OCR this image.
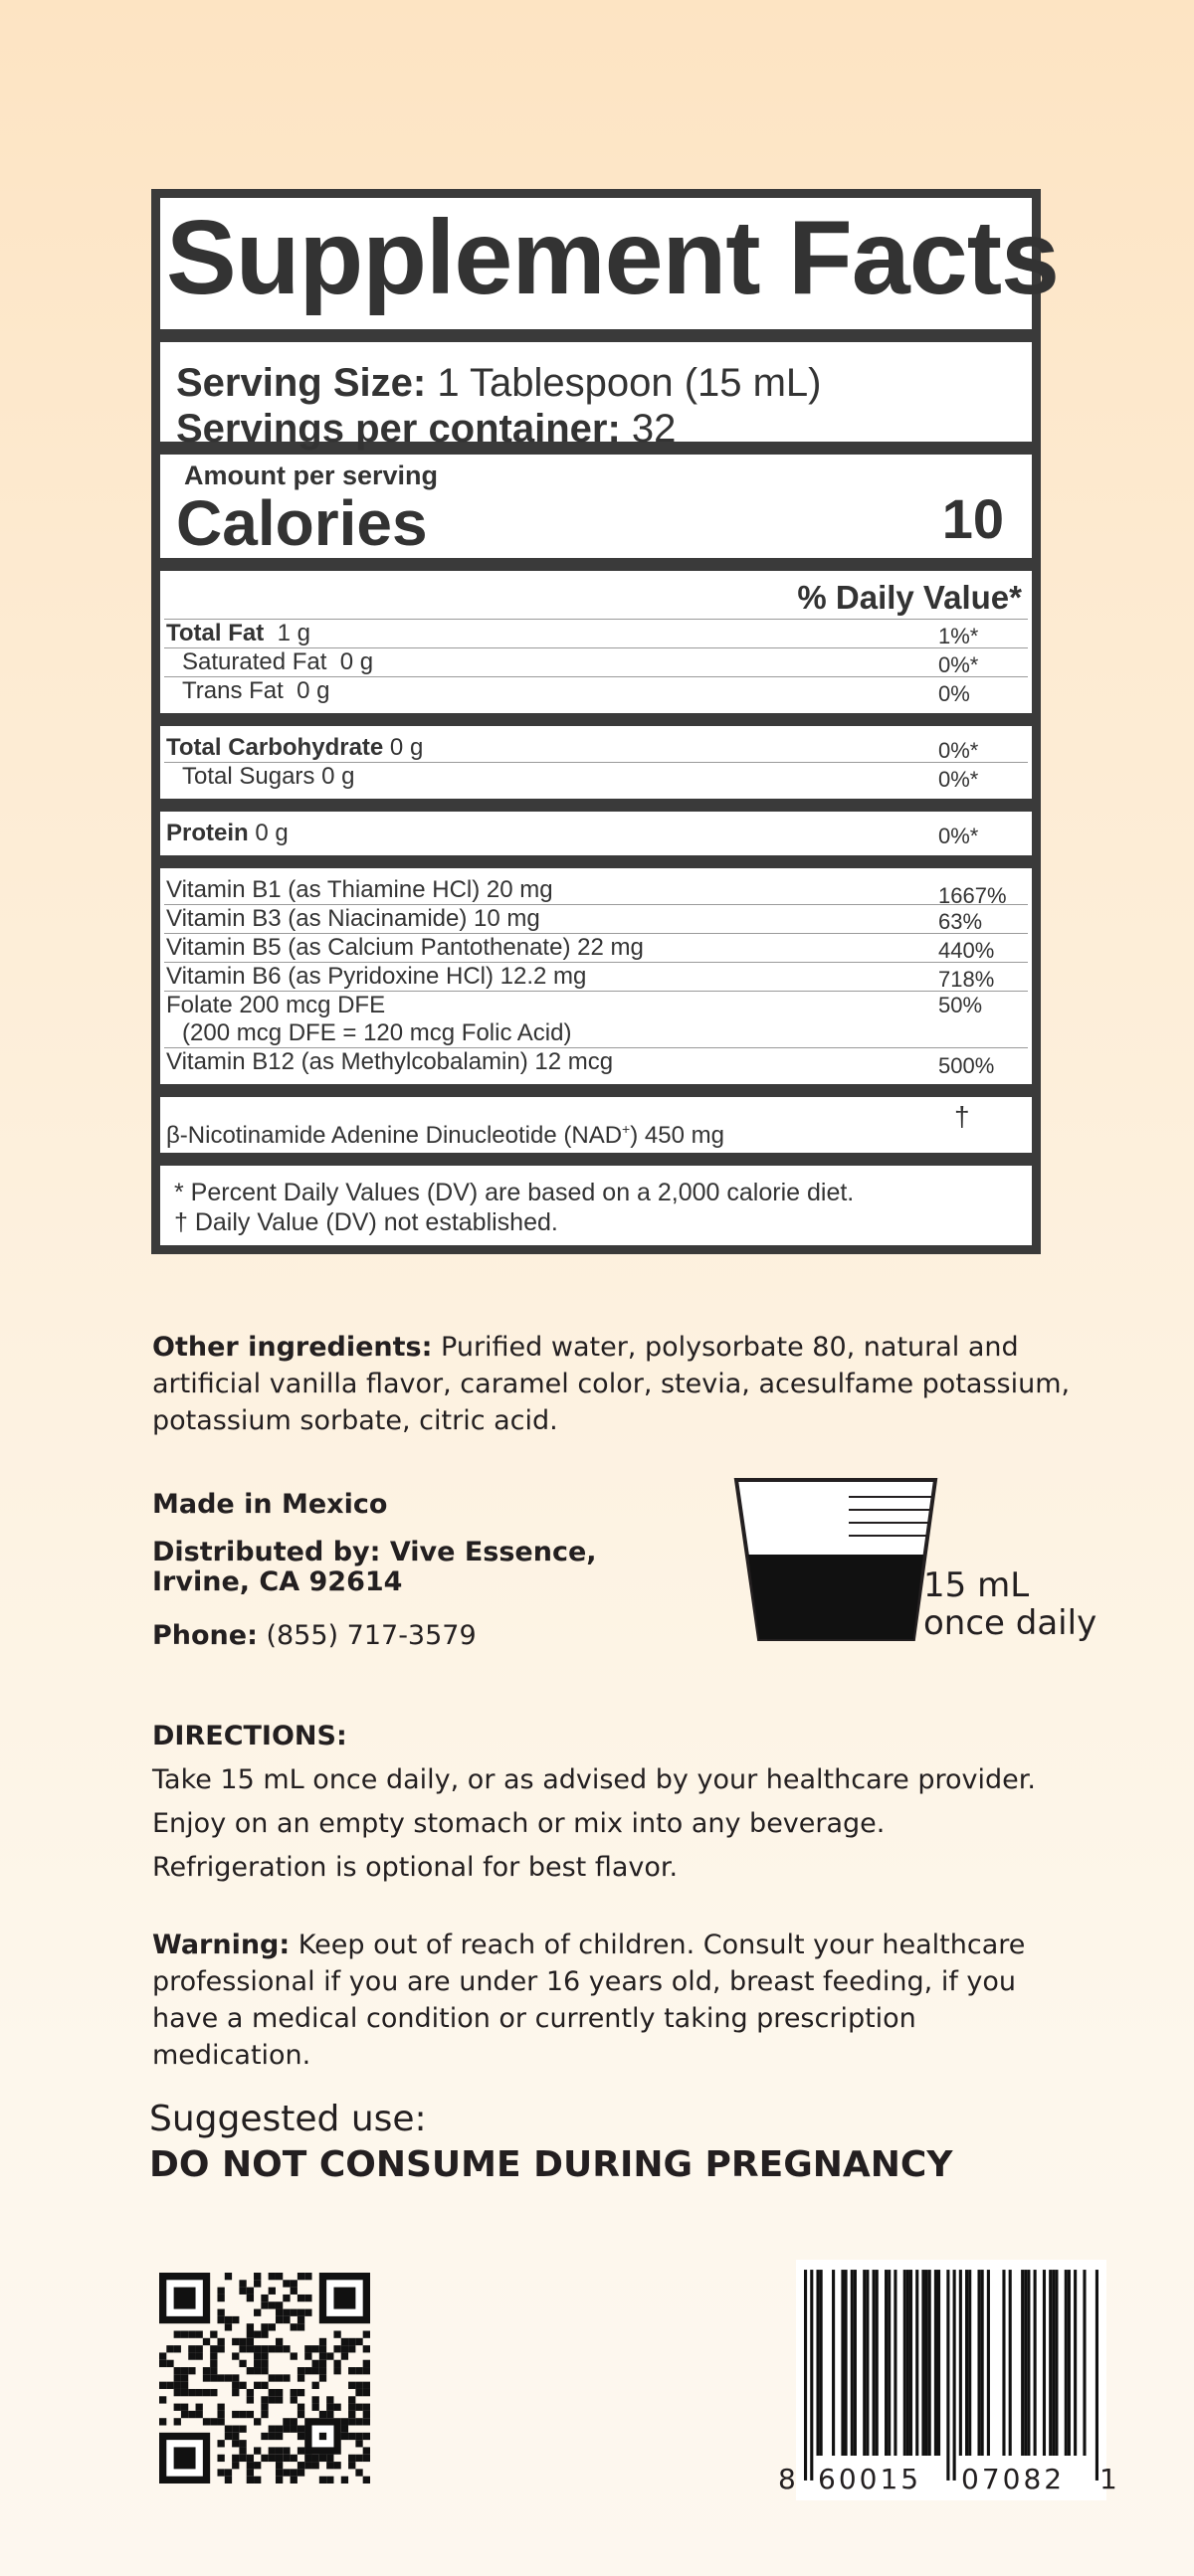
Supplement Facts
Serving Size: 1 Tablespoon (15 mL)
Servings per container: 32
Amount per serving
Calories	10
% Daily Value*
Total Fat 1 g	1%*
Saturated Fat 0 g	0%*
Trans Fat 0 g	0%
Total Carbohydrate 0 g	0%*
Total Sugars 0 g	0%*
Protein 0 g	0%*
Vitamin B1 (as Thiamine HCl) 20 mg	1667%
Vitamin B3 (as Niacinamide) 10 mg	63%
Vitamin B5 (as Calcium Pantothenate) 22 mg	440%
Vitamin B6 (as Pyridoxine HCl) 12.2 mg	718%
Folate 200 mcg DFE	50%
(200 mcg DFE = 120 mcg Folic Acid)
Vitamin B12 (as Methylcobalamin) 12 mcg	500%
β-Nicotinamide Adenine Dinucleotide (NAD+) 450 mg
†
* Percent Daily Values (DV) are based on a 2,000 calorie diet.
† Daily Value (DV) not established.
Other ingredients: Purified water, polysorbate 80, natural and artificial vanilla flavor, caramel color, stevia, acesulfame potassium, potassium sorbate, citric acid.
Made in Mexico
Distributed by: Vive Essence,
Irvine, CA 92614
Phone: (855) 717-3579
15 mL
once daily
DIRECTIONS:
Take 15 mL once daily, or as advised by your healthcare provider.
Enjoy on an empty stomach or mix into any beverage.
Refrigeration is optional for best flavor.
Warning: Keep out of reach of children. Consult your healthcare professional if you are under 16 years old, breast feeding, if you have a medical condition or currently taking prescription medication.
Suggested use:
DO NOT CONSUME DURING PREGNANCY
8 60015 07082 1
